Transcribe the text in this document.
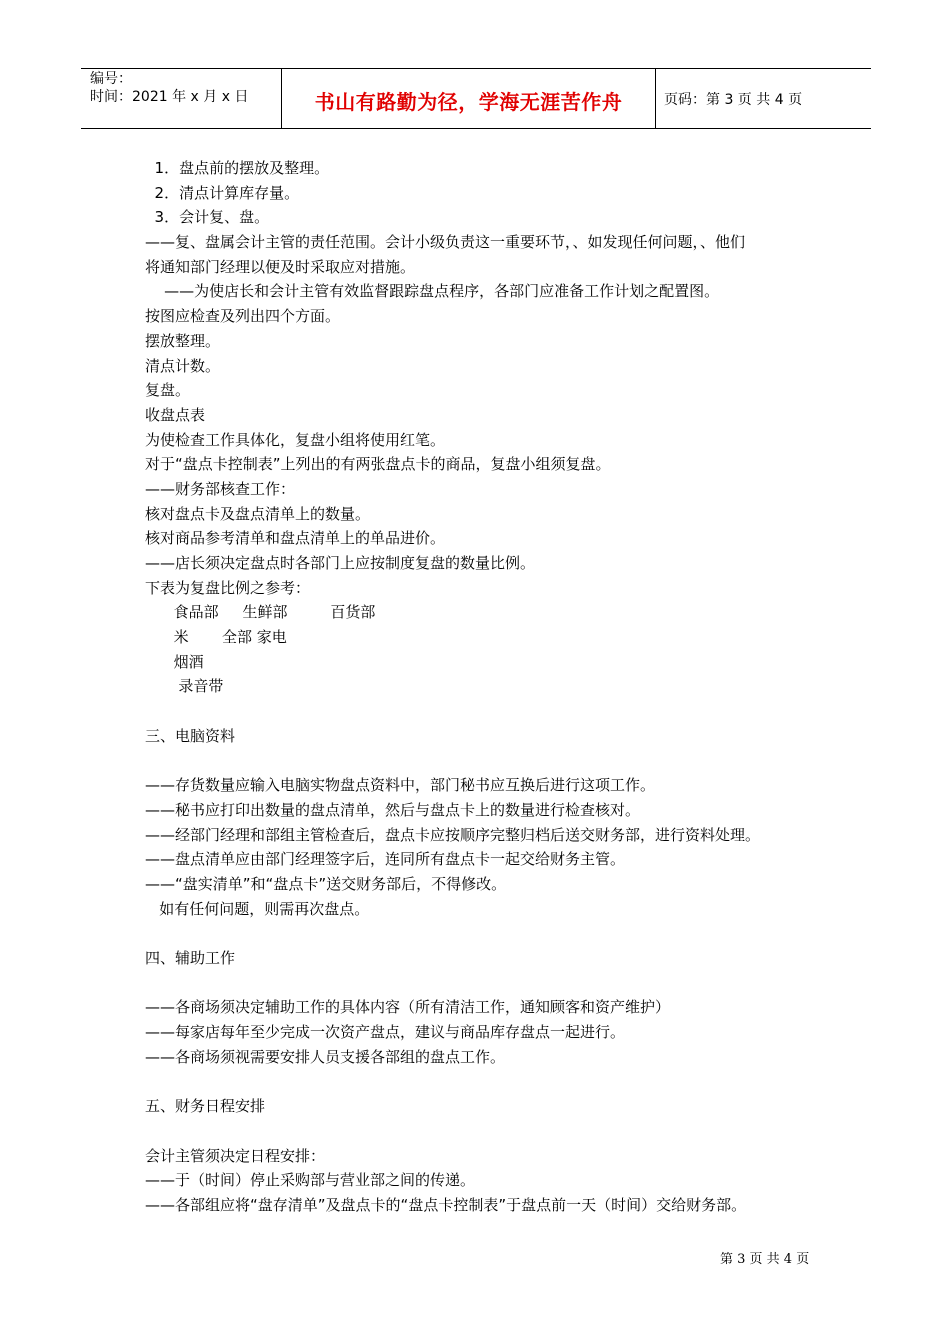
编号：
时间：2021 年 x 月 x 日	书山有路勤为径，学海无涯苦作舟	页码：第 3 页 共 4 页
1．盘点前的摆放及整理。
2．清点计算库存量。
3．会计复、盘。
——复、盘属会计主管的责任范围。会计小级负责这一重要环节，、如发现任何问题，、他们
将通知部门经理以便及时采取应对措施。
——为使店长和会计主管有效监督跟踪盘点程序，各部门应准备工作计划之配置图。
按图应检查及列出四个方面。
摆放整理。
清点计数。
复盘。
收盘点表
为使检查工作具体化，复盘小组将使用红笔。
对于“盘点卡控制表”上列出的有两张盘点卡的商品，复盘小组须复盘。
——财务部核查工作：
核对盘点卡及盘点清单上的数量。
核对商品参考清单和盘点清单上的单品进价。
——店长须决定盘点时各部门上应按制度复盘的数量比例。
下表为复盘比例之参考：
食品部     生鲜部         百货部
米       全部 家电
烟酒
录音带
三、电脑资料
——存货数量应输入电脑实物盘点资料中，部门秘书应互换后进行这项工作。
——秘书应打印出数量的盘点清单，然后与盘点卡上的数量进行检查核对。
——经部门经理和部组主管检查后，盘点卡应按顺序完整归档后送交财务部，进行资料处理。
——盘点清单应由部门经理签字后，连同所有盘点卡一起交给财务主管。
——“盘实清单”和“盘点卡”送交财务部后，不得修改。
如有任何问题，则需再次盘点。
四、辅助工作
——各商场须决定辅助工作的具体内容（所有清洁工作，通知顾客和资产维护）
——每家店每年至少完成一次资产盘点，建议与商品库存盘点一起进行。
——各商场须视需要安排人员支援各部组的盘点工作。
五、财务日程安排
会计主管须决定日程安排：
——于（时间）停止采购部与营业部之间的传递。
——各部组应将“盘存清单”及盘点卡的“盘点卡控制表”于盘点前一天（时间）交给财务部。
第 3 页 共 4 页
